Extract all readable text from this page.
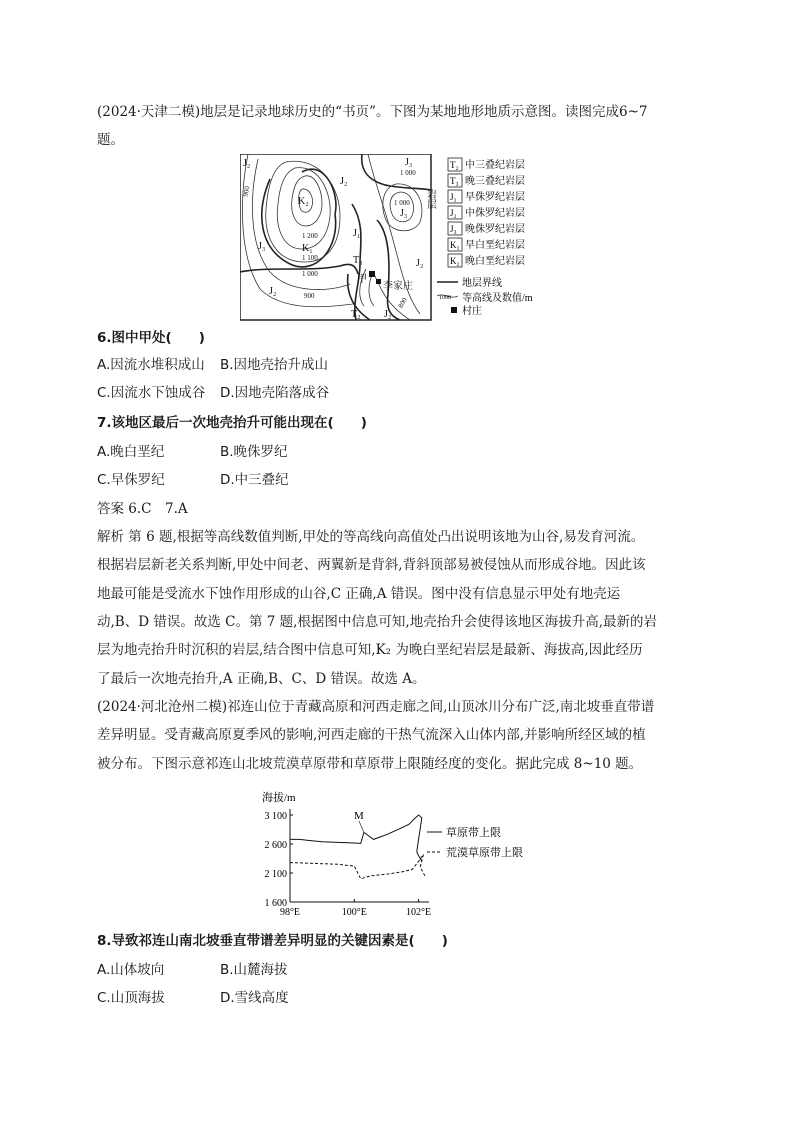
(2024·天津二模)地层是记录地球历史的“书页”。下图为某地地形地质示意图。读图完成6~7
题。
J₂	J₃
1 000
J₂
900
K₂
1 200
K₁
1 100
1 000
J₃
1 000
J₃
J₁
T₃
甲
李家庄
J₂
J₂	900
T₂ J₂
800
岩层
T₂ 中三叠纪岩层
T₃ 晚三叠纪岩层
J₁ 早侏罗纪岩层
J₂ 中侏罗纪岩层
J₃ 晚侏罗纪岩层
K₁ 早白垩纪岩层
K₂ 晚白垩纪岩层
地层界线
1000 等高线及数值/m
村庄
6.图中甲处(　　)
A.因流水堆积成山 B.因地壳抬升成山
C.因流水下蚀成谷 D.因地壳陷落成谷
7.该地区最后一次地壳抬升可能出现在(　　)
A.晚白垩纪	B.晚侏罗纪
C.早侏罗纪	D.中三叠纪
答案 6.C　7.A
解析 第 6 题,根据等高线数值判断,甲处的等高线向高值处凸出说明该地为山谷,易发育河流。
根据岩层新老关系判断,甲处中间老、两翼新是背斜,背斜顶部易被侵蚀从而形成谷地。因此该
地最可能是受流水下蚀作用形成的山谷,C 正确,A 错误。图中没有信息显示甲处有地壳运
动,B、D 错误。故选 C。第 7 题,根据图中信息可知,地壳抬升会使得该地区海拔升高,最新的岩
层为地壳抬升时沉积的岩层,结合图中信息可知,K₂ 为晚白垩纪岩层是最新、海拔高,因此经历
了最后一次地壳抬升,A 正确,B、C、D 错误。故选 A。
(2024·河北沧州二模)祁连山位于青藏高原和河西走廊之间,山顶冰川分布广泛,南北坡垂直带谱
差异明显。受青藏高原夏季风的影响,河西走廊的干热气流深入山体内部,并影响所经区域的植
被分布。下图示意祁连山北坡荒漠草原带和草原带上限随经度的变化。据此完成 8~10 题。
海拔/m
3 100
2 600
2 100
1 600
98°E	100°E	102°E
草原带上限
荒漠草原带上限
M
8.导致祁连山南北坡垂直带谱差异明显的关键因素是(　　)
A.山体坡向	B.山麓海拔
C.山顶海拔	D.雪线高度
